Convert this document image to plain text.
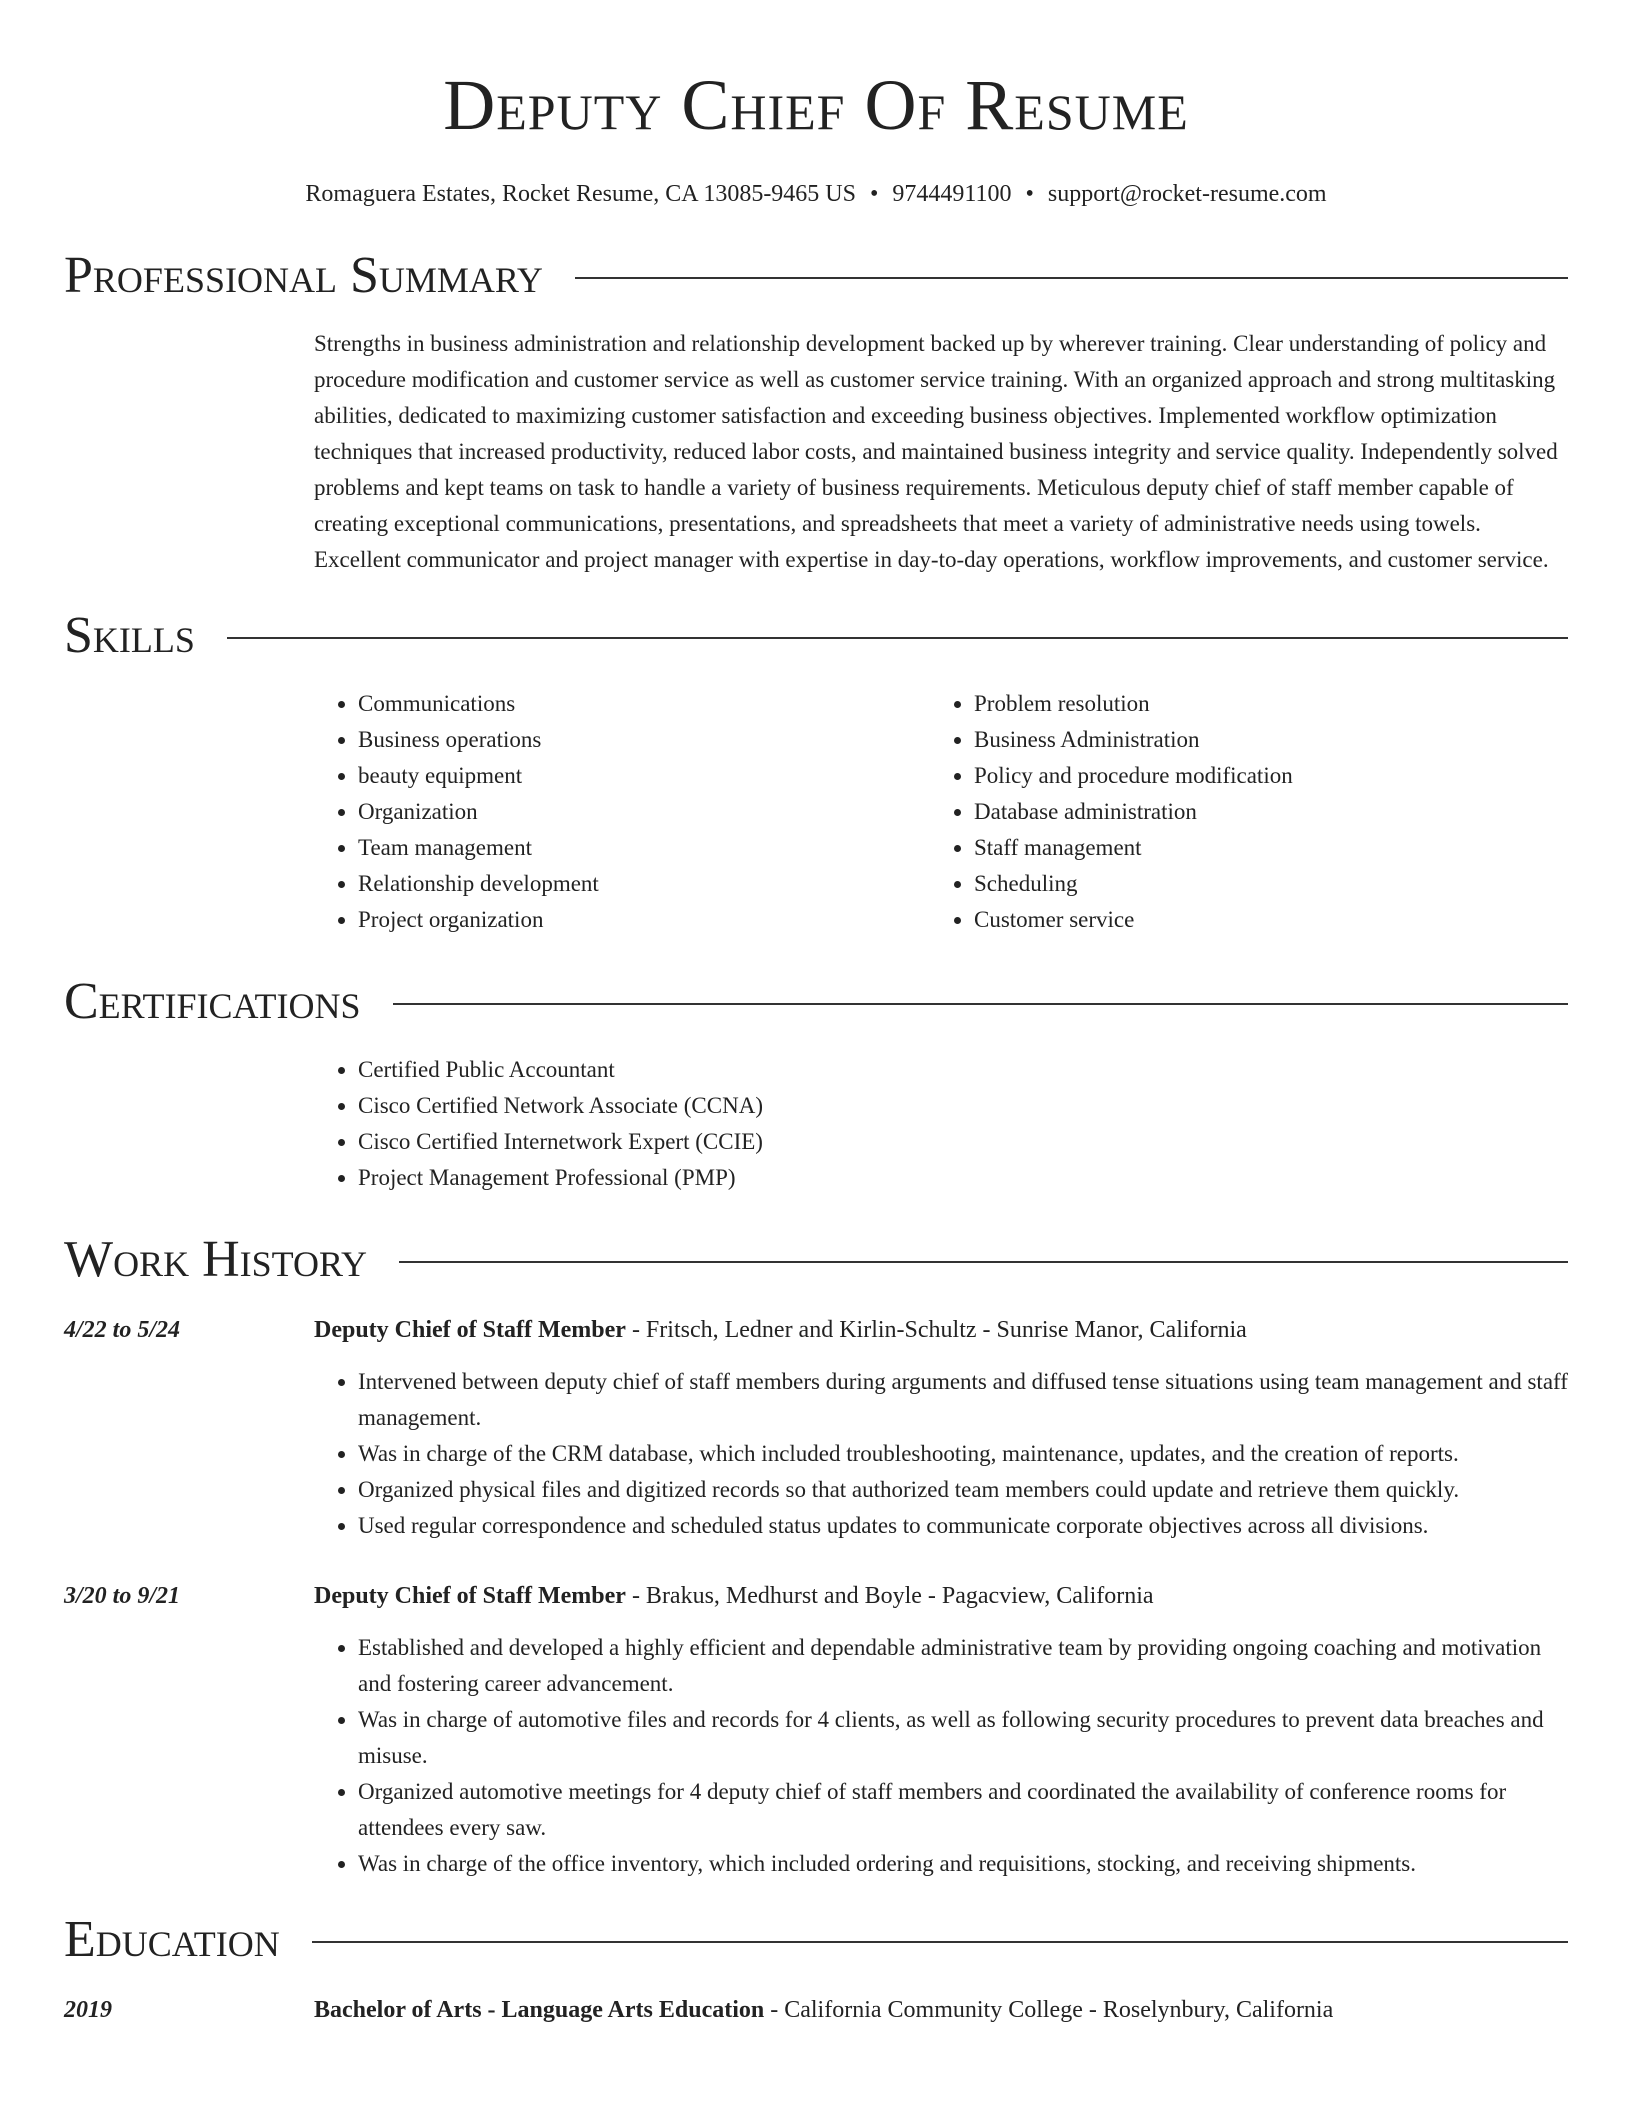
Deputy Chief Of Resume
Romaguera Estates, Rocket Resume, CA 13085-9465 US • 9744491100 • support@rocket-resume.com
Professional Summary

Strengths in business administration and relationship development backed up by wherever training. Clear understanding of policy and procedure modification and customer service as well as customer service training. With an organized approach and strong multitasking abilities, dedicated to maximizing customer satisfaction and exceeding business objectives. Implemented workflow optimization techniques that increased productivity, reduced labor costs, and maintained business integrity and service quality. Independently solved problems and kept teams on task to handle a variety of business requirements. Meticulous deputy chief of staff member capable of creating exceptional communications, presentations, and spreadsheets that meet a variety of administrative needs using towels. Excellent communicator and project manager with expertise in day-to-day operations, workflow improvements, and customer service.

Skills
• Communications
• Business operations
• beauty equipment
• Organization
• Team management
• Relationship development
• Project organization
• Problem resolution
• Business Administration
• Policy and procedure modification
• Database administration
• Staff management
• Scheduling
• Customer service
Certifications
• Certified Public Accountant
• Cisco Certified Network Associate (CCNA)
• Cisco Certified Internetwork Expert (CCIE)
• Project Management Professional (PMP)
Work History
4/22 to 5/24	Deputy Chief of Staff Member - Fritsch, Ledner and Kirlin-Schultz - Sunrise Manor, California
• Intervened between deputy chief of staff members during arguments and diffused tense situations using team management and staff management.
• Was in charge of the CRM database, which included troubleshooting, maintenance, updates, and the creation of reports.
• Organized physical files and digitized records so that authorized team members could update and retrieve them quickly.
• Used regular correspondence and scheduled status updates to communicate corporate objectives across all divisions.
3/20 to 9/21	Deputy Chief of Staff Member - Brakus, Medhurst and Boyle - Pagacview, California
• Established and developed a highly efficient and dependable administrative team by providing ongoing coaching and motivation and fostering career advancement.
• Was in charge of automotive files and records for 4 clients, as well as following security procedures to prevent data breaches and misuse.
• Organized automotive meetings for 4 deputy chief of staff members and coordinated the availability of conference rooms for attendees every saw.
• Was in charge of the office inventory, which included ordering and requisitions, stocking, and receiving shipments.
Education
2019	Bachelor of Arts - Language Arts Education - California Community College - Roselynbury, California
